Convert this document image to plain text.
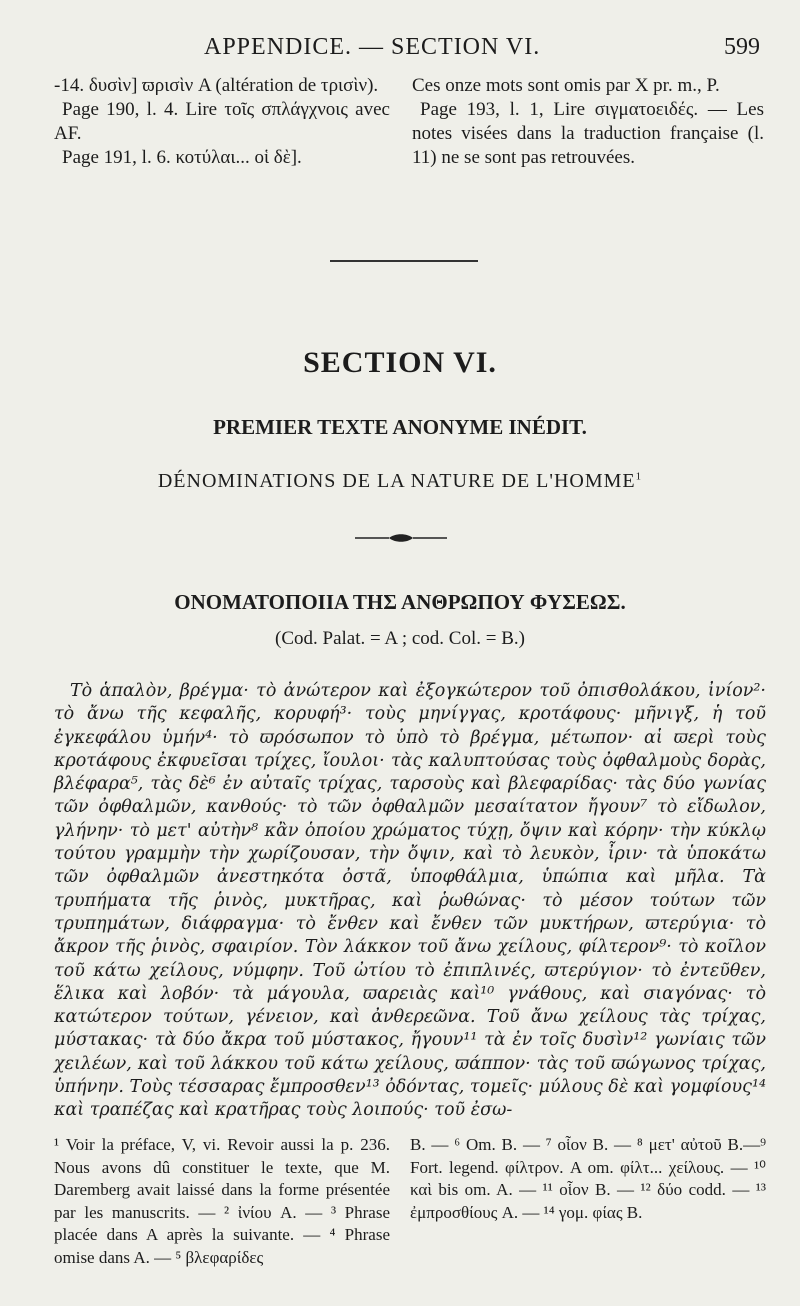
APPENDICE. — SECTION VI.	599

-14. δυσὶν] ϖρισὶν A (altération de τρισὶν).

Page 190, l. 4. Lire τοῖς σπλάγχνοις avec AF.

Page 191, l. 6. κοτύλαι... οἱ δὲ].

Ces onze mots sont omis par X pr. m., P.

Page 193, l. 1, Lire σιγματοειδές. — Les notes visées dans la traduction française (l. 11) ne se sont pas retrouvées.

SECTION VI.
PREMIER TEXTE ANONYME INÉDIT.
DÉNOMINATIONS DE LA NATURE DE L'HOMME$^1$
ΟΝΟΜΑΤΟΠΟΙΙΑ ΤΗΣ ΑΝΘΡΩΠΟΥ ΦΥΣΕΩΣ.
(Cod. Palat. = A ; cod. Col. = B.)

Τὸ ἁπαλὸν, βρέγμα· τὸ ἀνώτερον καὶ ἐξογκώτερον τοῦ ὀπισθολάκου, ἰνίον²· τὸ ἄνω τῆς κεφαλῆς, κορυφή³· τοὺς μηνίγγας, κροτάφους· μῆνιγξ, ἡ τοῦ ἐγκεφάλου ὑμήν⁴· τὸ ϖρόσωπον τὸ ὑπὸ τὸ βρέγμα, μέτωπον· αἱ ϖερὶ τοὺς κροτάφους ἐκφυεῖσαι τρίχες, ἴουλοι· τὰς καλυπτούσας τοὺς ὀφθαλμοὺς δορὰς, βλέφαρα⁵, τὰς δὲ⁶ ἐν αὐταῖς τρίχας, ταρσοὺς καὶ βλεφαρίδας· τὰς δύο γωνίας τῶν ὀφθαλμῶν, κανθούς· τὸ τῶν ὀφθαλμῶν μεσαίτατον ἤγουν⁷ τὸ εἴδωλον, γλήνην· τὸ μετ' αὐτὴν⁸ κἂν ὁποίου χρώματος τύχῃ, ὄψιν καὶ κόρην· τὴν κύκλῳ τούτου γραμμὴν τὴν χωρίζουσαν, τὴν ὄψιν, καὶ τὸ λευκὸν, ἶριν· τὰ ὑποκάτω τῶν ὀφθαλμῶν ἀνεστηκότα ὀστᾶ, ὑποφθάλμια, ὑπώπια καὶ μῆλα. Τὰ τρυπήματα τῆς ῥινὸς, μυκτῆρας, καὶ ῥωθώνας· τὸ μέσον τούτων τῶν τρυπημάτων, διάφραγμα· τὸ ἔνθεν καὶ ἔνθεν τῶν μυκτήρων, ϖτερύγια· τὸ ἄκρον τῆς ῥινὸς, σφαιρίον. Τὸν λάκκον τοῦ ἄνω χείλους, φίλτερον⁹· τὸ κοῖλον τοῦ κάτω χείλους, νύμφην. Τοῦ ὠτίου τὸ ἐπιπλινές, ϖτερύγιον· τὸ ἐντεῦθεν, ἕλικα καὶ λοβόν· τὰ μάγουλα, ϖαρειὰς καὶ¹⁰ γνάθους, καὶ σιαγόνας· τὸ κατώτερον τούτων, γένειον, καὶ ἀνθερεῶνα. Τοῦ ἄνω χείλους τὰς τρίχας, μύστακας· τὰ δύο ἄκρα τοῦ μύστακος, ἤγουν¹¹ τὰ ἐν τοῖς δυσὶν¹² γωνίαις τῶν χειλέων, καὶ τοῦ λάκκου τοῦ κάτω χείλους, ϖάππον· τὰς τοῦ ϖώγωνος τρίχας, ὑπήνην. Τοὺς τέσσαρας ἔμπροσθεν¹³ ὀδόντας, τομεῖς· μύλους δὲ καὶ γομφίους¹⁴ καὶ τραπέζας καὶ κρατῆρας τοὺς λοιπούς· τοῦ ἐσω-

¹ Voir la préface, V, vi. Revoir aussi la p. 236. Nous avons dû constituer le texte, que M. Daremberg avait laissé dans la forme présentée par les manuscrits. — ² ἰνίου A. — ³ Phrase placée dans A après la suivante. — ⁴ Phrase omise dans A. — ⁵ βλεφαρίδες

B. — ⁶ Om. B. — ⁷ οἷον B. — ⁸ μετ' αὐτοῦ B.—⁹ Fort. legend. φίλτρον. A om. φίλτ... χείλους. — ¹⁰ καὶ bis om. A. — ¹¹ οἷον B. — ¹² δύο codd. — ¹³ ἐμπροσθίους A. — ¹⁴ γομ. φίας B.
